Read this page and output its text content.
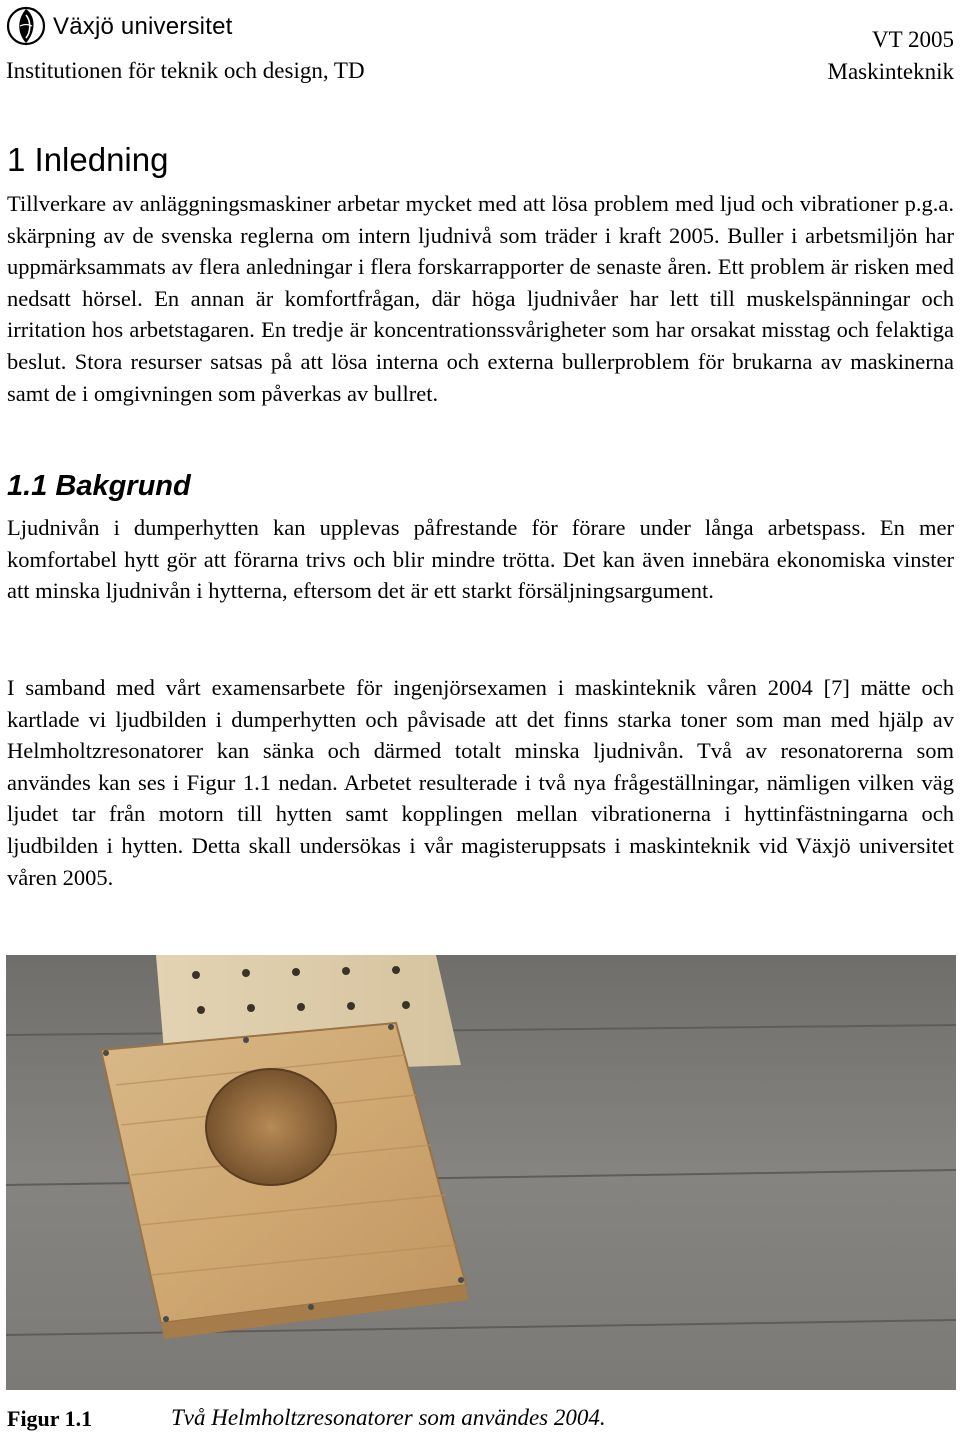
Växjö universitet
Institutionen för teknik och design, TD
VT 2005
Maskinteknik
1 Inledning

Tillverkare av anläggningsmaskiner arbetar mycket med att lösa problem med ljud och vibrationer p.g.a. skärpning av de svenska reglerna om intern ljudnivå som träder i kraft 2005. Buller i arbetsmiljön har uppmärksammats av flera anledningar i flera forskarrapporter de senaste åren. Ett problem är risken med nedsatt hörsel. En annan är komfortfrågan, där höga ljudnivåer har lett till muskelspänningar och irritation hos arbetstagaren. En tredje är koncentrationssvårigheter som har orsakat misstag och felaktiga beslut. Stora resurser satsas på att lösa interna och externa bullerproblem för brukarna av maskinerna samt de i omgivningen som påverkas av bullret.

1.1 Bakgrund

Ljudnivån i dumperhytten kan upplevas påfrestande för förare under långa arbetspass. En mer komfortabel hytt gör att förarna trivs och blir mindre trötta. Det kan även innebära ekonomiska vinster att minska ljudnivån i hytterna, eftersom det är ett starkt försäljningsargument.

I samband med vårt examensarbete för ingenjörsexamen i maskinteknik våren 2004 [7] mätte och kartlade vi ljudbilden i dumperhytten och påvisade att det finns starka toner som man med hjälp av Helmholtzresonatorer kan sänka och därmed totalt minska ljudnivån. Två av resonatorerna som användes kan ses i Figur 1.1 nedan. Arbetet resulterade i två nya frågeställningar, nämligen vilken väg ljudet tar från motorn till hytten samt kopplingen mellan vibrationerna i hyttinfästningarna och ljudbilden i hytten. Detta skall undersökas i vår magisteruppsats i maskinteknik vid Växjö universitet våren 2005.

Figur 1.1	Två Helmholtzresonatorer som användes 2004.
